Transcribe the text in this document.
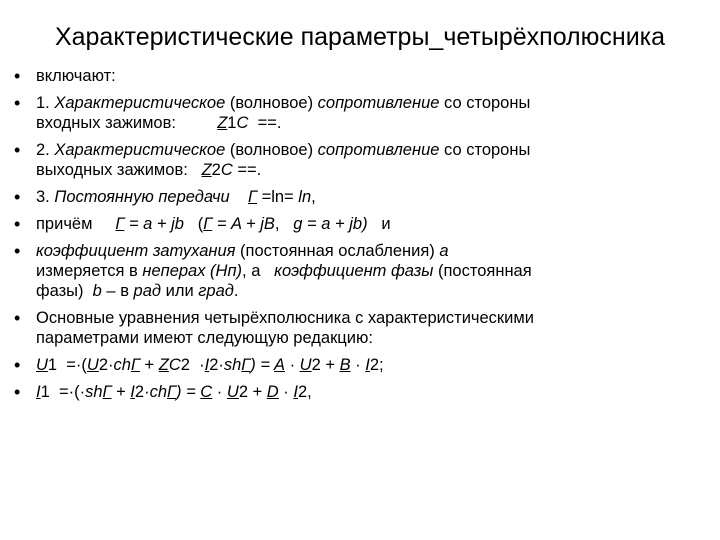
Характеристические параметры_четырёхполюсника
• включают:
• 1. Характеристическое (волновое) сопротивление со стороны
входных зажимов:         Z1C  ==.
• 2. Характеристическое (волновое) сопротивление со стороны
выходных зажимов:   Z2C ==.
• 3. Постоянную передачи Г =ln= ln,
• причём     Г = a + jb   (Г = A + jB,   g = a + jb)   и
• коэффициент затухания (постоянная ослабления) a
измеряется в неперах (Нп), а   коэффициент фазы (постоянная
фазы)  b – в рад или град.
• Основные уравнения четырёхполюсника с характеристическими
параметрами имеют следующую редакцию:
• U1  =·(U2·chГ + ZC2  ·I2·shГ) = A · U2 + B · I2;
• I1  =·(·shГ + I2·chГ) = C · U2 + D · I2,
